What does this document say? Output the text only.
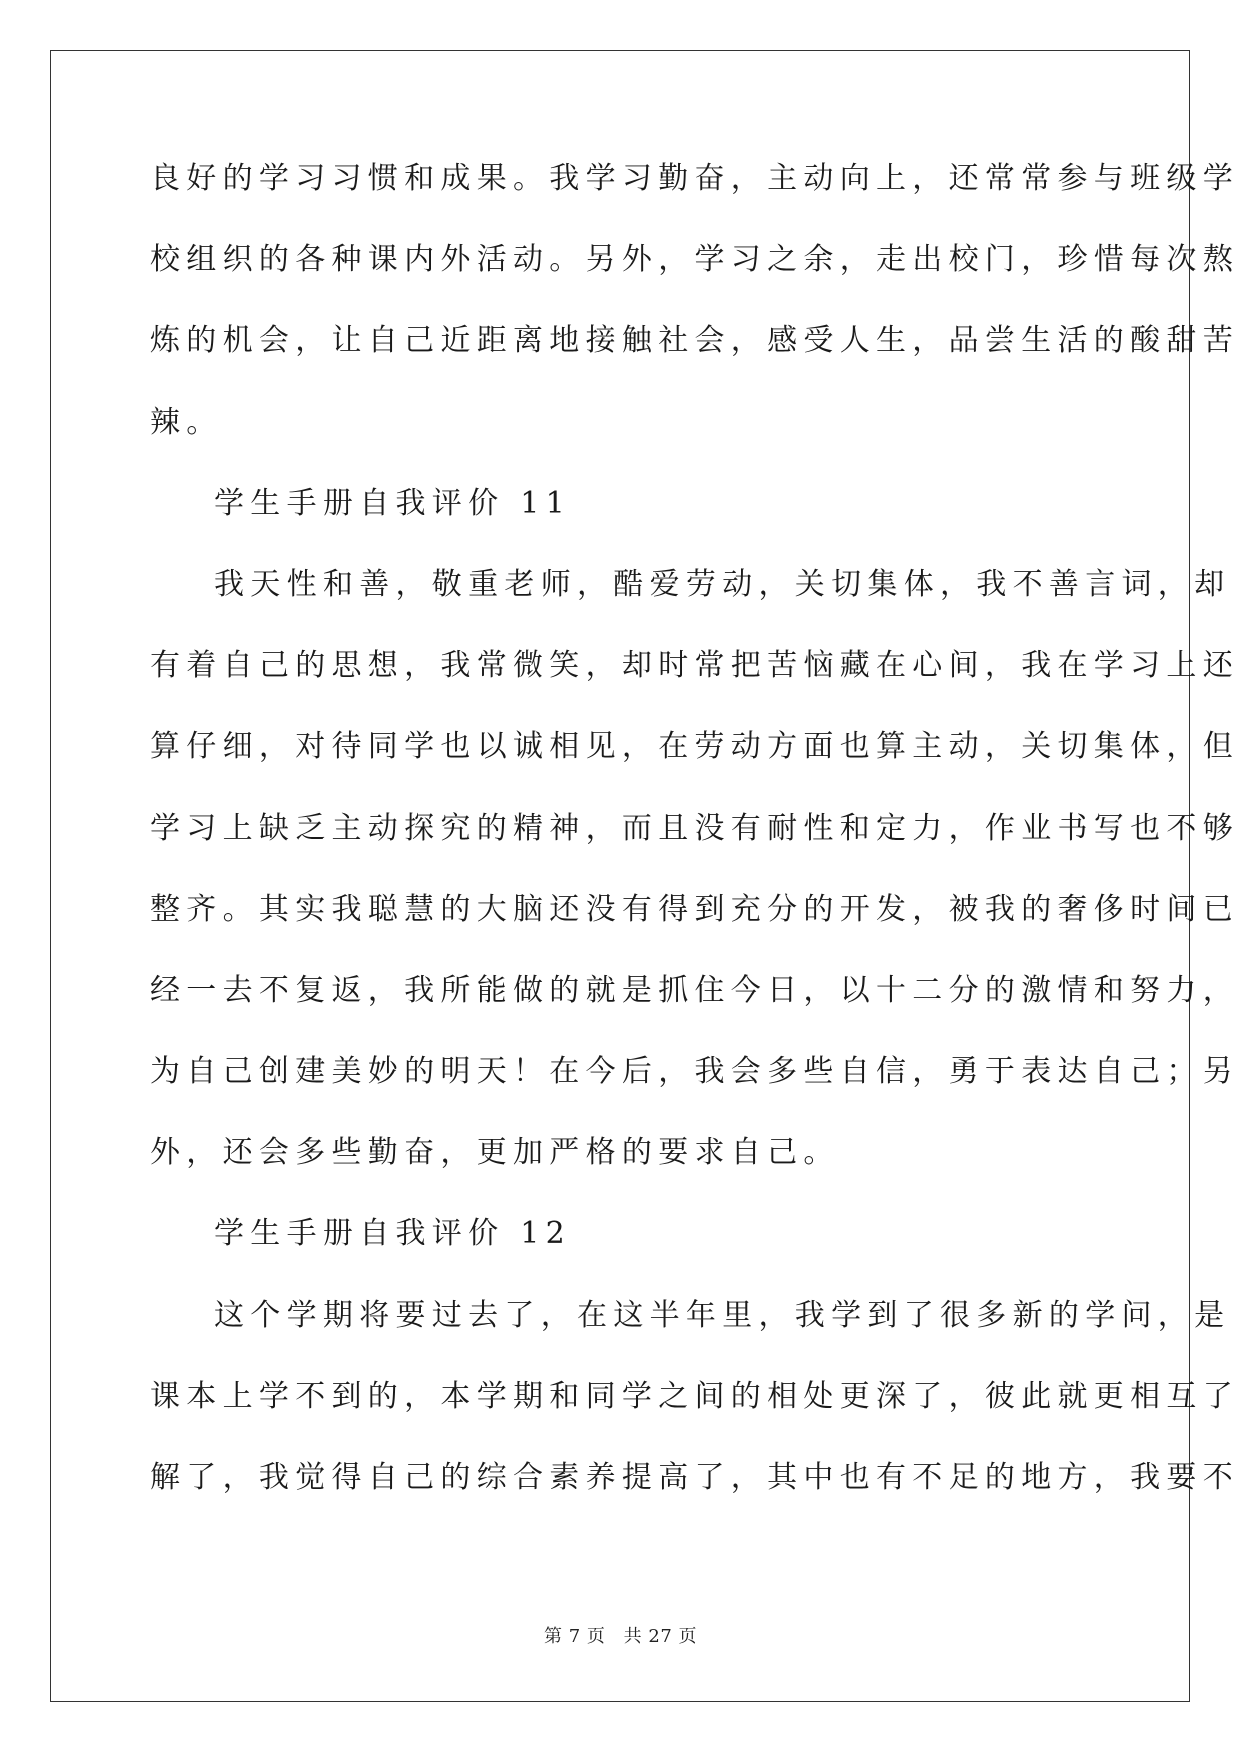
良好的学习习惯和成果。我学习勤奋，主动向上，还常常参与班级学
校组织的各种课内外活动。另外，学习之余，走出校门，珍惜每次熬
炼的机会，让自己近距离地接触社会，感受人生，品尝生活的酸甜苦
辣。
学生手册自我评价 11
我天性和善，敬重老师，酷爱劳动，关切集体，我不善言词，却
有着自己的思想，我常微笑，却时常把苦恼藏在心间，我在学习上还
算仔细，对待同学也以诚相见，在劳动方面也算主动，关切集体，但
学习上缺乏主动探究的精神，而且没有耐性和定力，作业书写也不够
整齐。其实我聪慧的大脑还没有得到充分的开发，被我的奢侈时间已
经一去不复返，我所能做的就是抓住今日，以十二分的激情和努力，
为自己创建美妙的明天！在今后，我会多些自信，勇于表达自己；另
外，还会多些勤奋，更加严格的要求自己。
学生手册自我评价 12
这个学期将要过去了，在这半年里，我学到了很多新的学问，是
课本上学不到的，本学期和同学之间的相处更深了，彼此就更相互了
解了，我觉得自己的综合素养提高了，其中也有不足的地方，我要不
第 7 页 共 27 页
